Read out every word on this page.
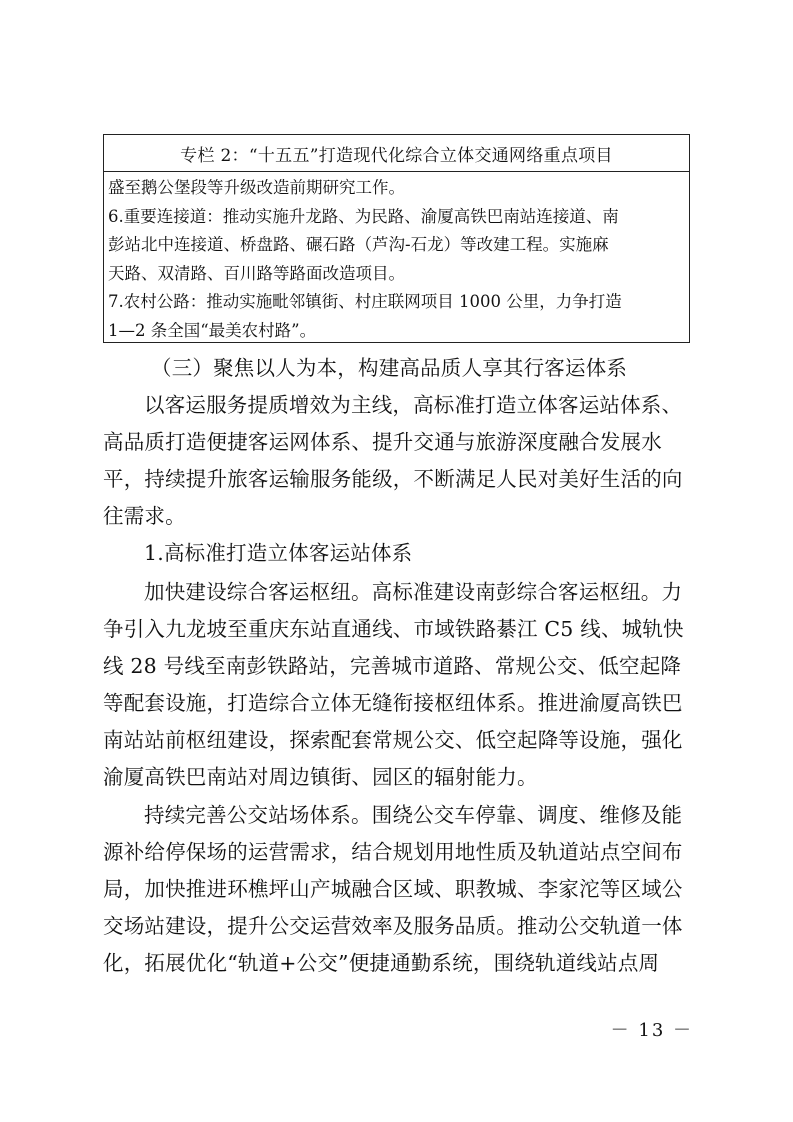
专栏 2：“十五五”打造现代化综合立体交通网络重点项目
盛至鹅公堡段等升级改造前期研究工作。
6.重要连接道：推动实施升龙路、为民路、渝厦高铁巴南站连接道、南
彭站北中连接道、桥盘路、碾石路（芦沟-石龙）等改建工程。实施麻
天路、双清路、百川路等路面改造项目。
7.农村公路：推动实施毗邻镇街、村庄联网项目 1000 公里，力争打造
1—2 条全国“最美农村路”。
（三）聚焦以人为本，构建高品质人享其行客运体系
以客运服务提质增效为主线，高标准打造立体客运站体系、
高品质打造便捷客运网体系、提升交通与旅游深度融合发展水
平，持续提升旅客运输服务能级，不断满足人民对美好生活的向
往需求。
1.高标准打造立体客运站体系
加快建设综合客运枢纽。高标准建设南彭综合客运枢纽。力
争引入九龙坡至重庆东站直通线、市域铁路綦江 C5 线、城轨快
线 28 号线至南彭铁路站，完善城市道路、常规公交、低空起降
等配套设施，打造综合立体无缝衔接枢纽体系。推进渝厦高铁巴
南站站前枢纽建设，探索配套常规公交、低空起降等设施，强化
渝厦高铁巴南站对周边镇街、园区的辐射能力。
持续完善公交站场体系。围绕公交车停靠、调度、维修及能
源补给停保场的运营需求，结合规划用地性质及轨道站点空间布
局，加快推进环樵坪山产城融合区域、职教城、李家沱等区域公
交场站建设，提升公交运营效率及服务品质。推动公交轨道一体
化，拓展优化“轨道+公交”便捷通勤系统，围绕轨道线站点周
－ 13 －
